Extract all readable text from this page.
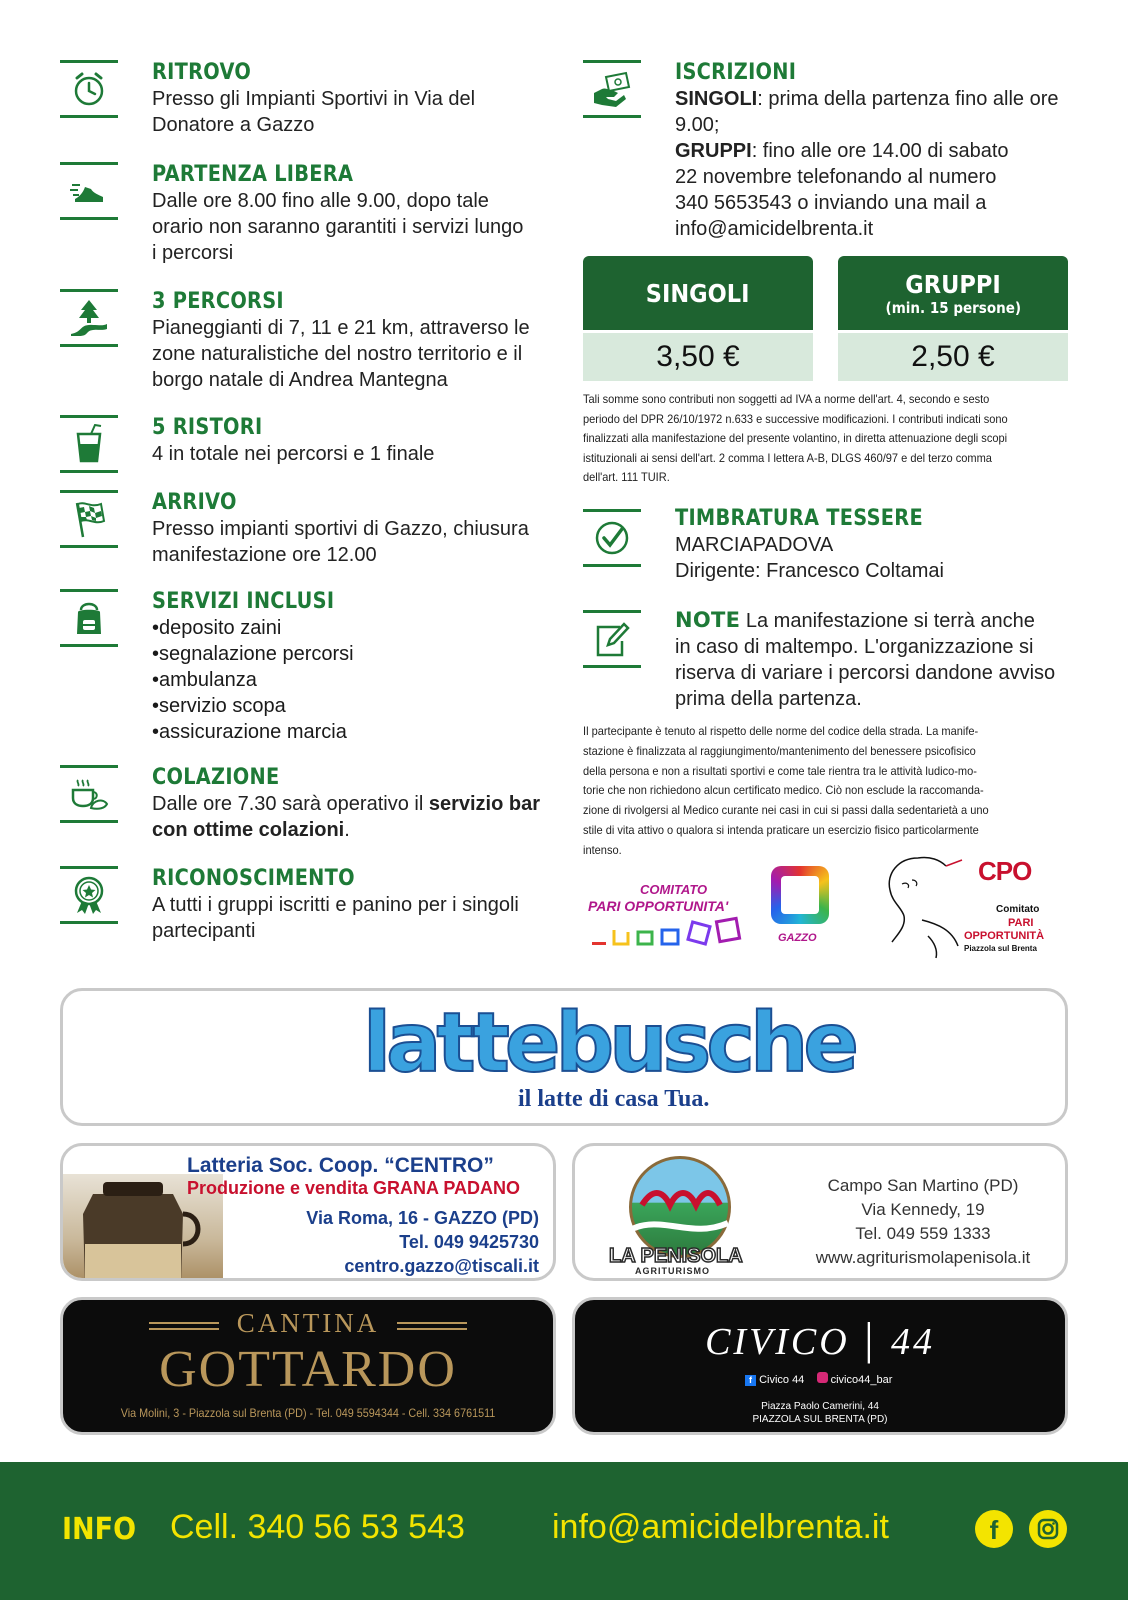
RITROVO
Presso gli Impianti Sportivi in Via del
Donatore a Gazzo
PARTENZA LIBERA
Dalle ore 8.00 fino alle 9.00, dopo tale
orario non saranno garantiti i servizi lungo
i percorsi
3 PERCORSI
Pianeggianti di 7, 11 e 21 km, attraverso le
zone naturalistiche del nostro territorio e il
borgo natale di Andrea Mantegna
5 RISTORI
4 in totale nei percorsi e 1 finale
ARRIVO
Presso impianti sportivi di Gazzo, chiusura
manifestazione ore 12.00
SERVIZI INCLUSI
• deposito zaini
• segnalazione percorsi
• ambulanza
• servizio scopa
• assicurazione marcia
COLAZIONE
Dalle ore 7.30 sarà operativo il servizio bar
con ottime colazioni.
RICONOSCIMENTO
A tutti i gruppi iscritti e panino per i singoli
partecipanti
ISCRIZIONI
SINGOLI: prima della partenza fino alle ore
9.00;
GRUPPI: fino alle ore 14.00 di sabato
22 novembre telefonando al numero
340 5653543 o inviando una mail a
info@amicidelbrenta.it
SINGOLI
3,50 €
GRUPPI
(min. 15 persone)
2,50 €
Tali somme sono contributi non soggetti ad IVA a norme dell'art. 4, secondo e sesto
periodo del DPR 26/10/1972 n.633 e successive modificazioni. I contributi indicati sono
finalizzati alla manifestazione del presente volantino, in diretta attenuazione degli scopi
istituzionali ai sensi dell'art. 2 comma I lettera A-B, DLGS 460/97 e del terzo comma
dell'art. 111 TUIR.
TIMBRATURA TESSERE
MARCIAPADOVA
Dirigente: Francesco Coltamai
NOTE La manifestazione si terrà anche
in caso di maltempo. L'organizzazione si
riserva di variare i percorsi dandone avviso
prima della partenza.
Il partecipante è tenuto al rispetto delle norme del codice della strada. La manife-
stazione è finalizzata al raggiungimento/mantenimento del benessere psicofisico
della persona e non a risultati sportivi e come tale rientra tra le attività ludico-mo-
torie che non richiedono alcun certificato medico. Ciò non esclude la raccomanda-
zione di rivolgersi al Medico curante nei casi in cui si passi dalla sedentarietà a uno
stile di vita attivo o qualora si intenda praticare un esercizio fisico particolarmente
intenso.
COMITATO
PARI OPPORTUNITA'
GAZZO
CPO
Comitato
PARI
OPPORTUNITÀ
Piazzola sul Brenta
lattebusche
il latte di casa Tua.
Latteria Soc. Coop. “CENTRO”
Produzione e vendita GRANA PADANO
Via Roma, 16 - GAZZO (PD)
Tel. 049 9425730
centro.gazzo@tiscali.it	LA PENISOLA
AGRITURISMO
Campo San Martino (PD)
Via Kennedy, 19
Tel. 049 559 1333
www.agriturismolapenisola.it
CANTINA
GOTTARDO
Via Molini, 3 - Piazzola sul Brenta (PD) - Tel. 049 5594344 - Cell. 334 6761511
CIVICO | 44
f Civico 44 civico44_bar
Piazza Paolo Camerini, 44
PIAZZOLA SUL BRENTA (PD)
INFO Cell. 340 56 53 543	info@amicidelbrenta.it	f
